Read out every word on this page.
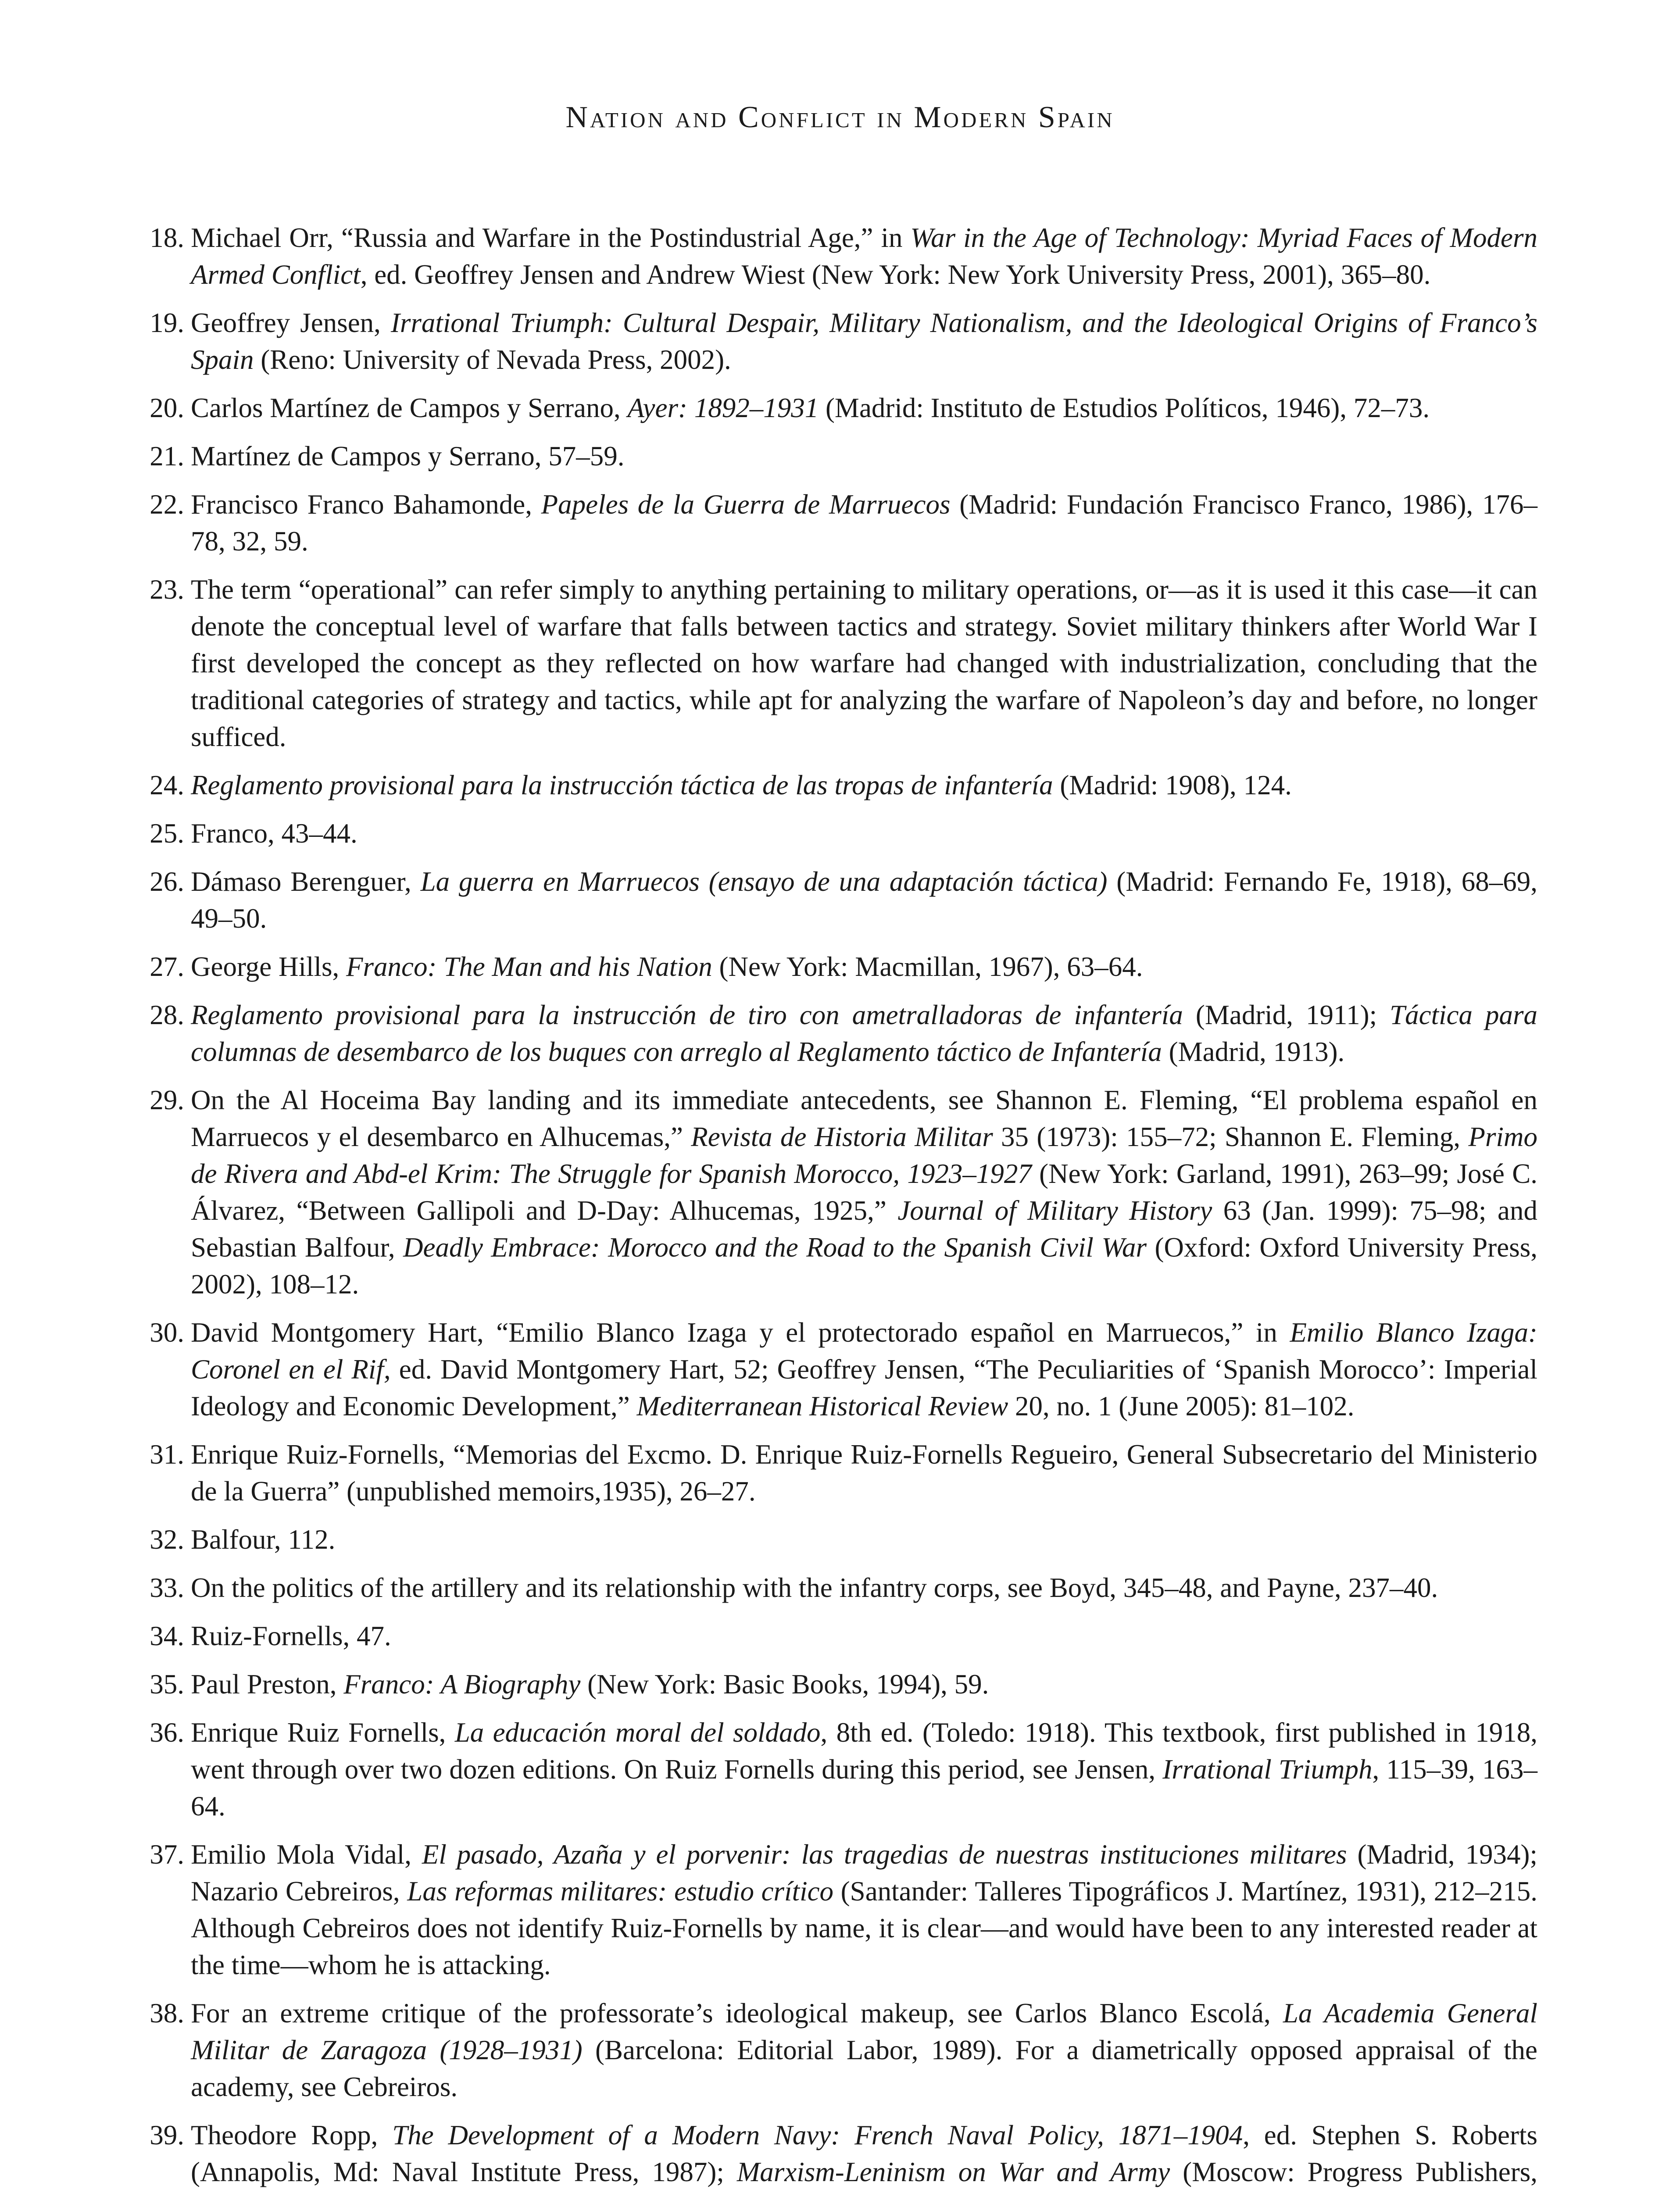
Nation and Conflict in Modern Spain
18. Michael Orr, “Russia and Warfare in the Postindustrial Age,” in War in the Age of Technology: Myriad Faces of Modern Armed Conflict, ed. Geoffrey Jensen and Andrew Wiest (New York: New York University Press, 2001), 365–80.
19. Geoffrey Jensen, Irrational Triumph: Cultural Despair, Military Nationalism, and the Ideological Origins of Franco’s Spain (Reno: University of Nevada Press, 2002).
20. Carlos Martínez de Campos y Serrano, Ayer: 1892–1931 (Madrid: Instituto de Estudios Políticos, 1946), 72–73.
21. Martínez de Campos y Serrano, 57–59.
22. Francisco Franco Bahamonde, Papeles de la Guerra de Marruecos (Madrid: Fundación Francisco Franco, 1986), 176–78, 32, 59.
23. The term “operational” can refer simply to anything pertaining to military operations, or—as it is used it this case—it can denote the conceptual level of warfare that falls between tactics and strategy. Soviet military thinkers after World War I first developed the concept as they reflected on how warfare had changed with industrialization, concluding that the traditional categories of strategy and tactics, while apt for analyzing the warfare of Napoleon’s day and before, no longer sufficed.
24. Reglamento provisional para la instrucción táctica de las tropas de infantería (Madrid: 1908), 124.
25. Franco, 43–44.
26. Dámaso Berenguer, La guerra en Marruecos (ensayo de una adaptación táctica) (Madrid: Fernando Fe, 1918), 68–69, 49–50.
27. George Hills, Franco: The Man and his Nation (New York: Macmillan, 1967), 63–64.
28. Reglamento provisional para la instrucción de tiro con ametralladoras de infantería (Madrid, 1911); Táctica para columnas de desembarco de los buques con arreglo al Reglamento táctico de Infantería (Madrid, 1913).
29. On the Al Hoceima Bay landing and its immediate antecedents, see Shannon E. Fleming, “El problema español en Marruecos y el desembarco en Alhucemas,” Revista de Historia Militar 35 (1973): 155–72; Shannon E. Fleming, Primo de Rivera and Abd-el Krim: The Struggle for Spanish Morocco, 1923–1927 (New York: Garland, 1991), 263–99; José C. Álvarez, “Between Gallipoli and D-Day: Alhucemas, 1925,” Journal of Military History 63 (Jan. 1999): 75–98; and Sebastian Balfour, Deadly Embrace: Morocco and the Road to the Spanish Civil War (Oxford: Oxford University Press, 2002), 108–12.
30. David Montgomery Hart, “Emilio Blanco Izaga y el protectorado español en Marruecos,” in Emilio Blanco Izaga: Coronel en el Rif, ed. David Montgomery Hart, 52; Geoffrey Jensen, “The Peculiarities of ‘Spanish Morocco’: Imperial Ideology and Economic Development,” Mediterranean Historical Review 20, no. 1 (June 2005): 81–102.
31. Enrique Ruiz-Fornells, “Memorias del Excmo. D. Enrique Ruiz-Fornells Regueiro, General Subsecretario del Ministerio de la Guerra” (unpublished memoirs,1935), 26–27.
32. Balfour, 112.
33. On the politics of the artillery and its relationship with the infantry corps, see Boyd, 345–48, and Payne, 237–40.
34. Ruiz-Fornells, 47.
35. Paul Preston, Franco: A Biography (New York: Basic Books, 1994), 59.
36. Enrique Ruiz Fornells, La educación moral del soldado, 8th ed. (Toledo: 1918). This textbook, first published in 1918, went through over two dozen editions. On Ruiz Fornells during this period, see Jensen, Irrational Triumph, 115–39, 163–64.
37. Emilio Mola Vidal, El pasado, Azaña y el porvenir: las tragedias de nuestras instituciones militares (Madrid, 1934); Nazario Cebreiros, Las reformas militares: estudio crítico (Santander: Talleres Tipográficos J. Martínez, 1931), 212–215. Although Cebreiros does not identify Ruiz-Fornells by name, it is clear—and would have been to any interested reader at the time—whom he is attacking.
38. For an extreme critique of the professorate’s ideological makeup, see Carlos Blanco Escolá, La Academia General Militar de Zaragoza (1928–1931) (Barcelona: Editorial Labor, 1989). For a diametrically opposed appraisal of the academy, see Cebreiros.
39. Theodore Ropp, The Development of a Modern Navy: French Naval Policy, 1871–1904, ed. Stephen S. Roberts (Annapolis, Md: Naval Institute Press, 1987); Marxism-Leninism on War and Army (Moscow: Progress Publishers,
